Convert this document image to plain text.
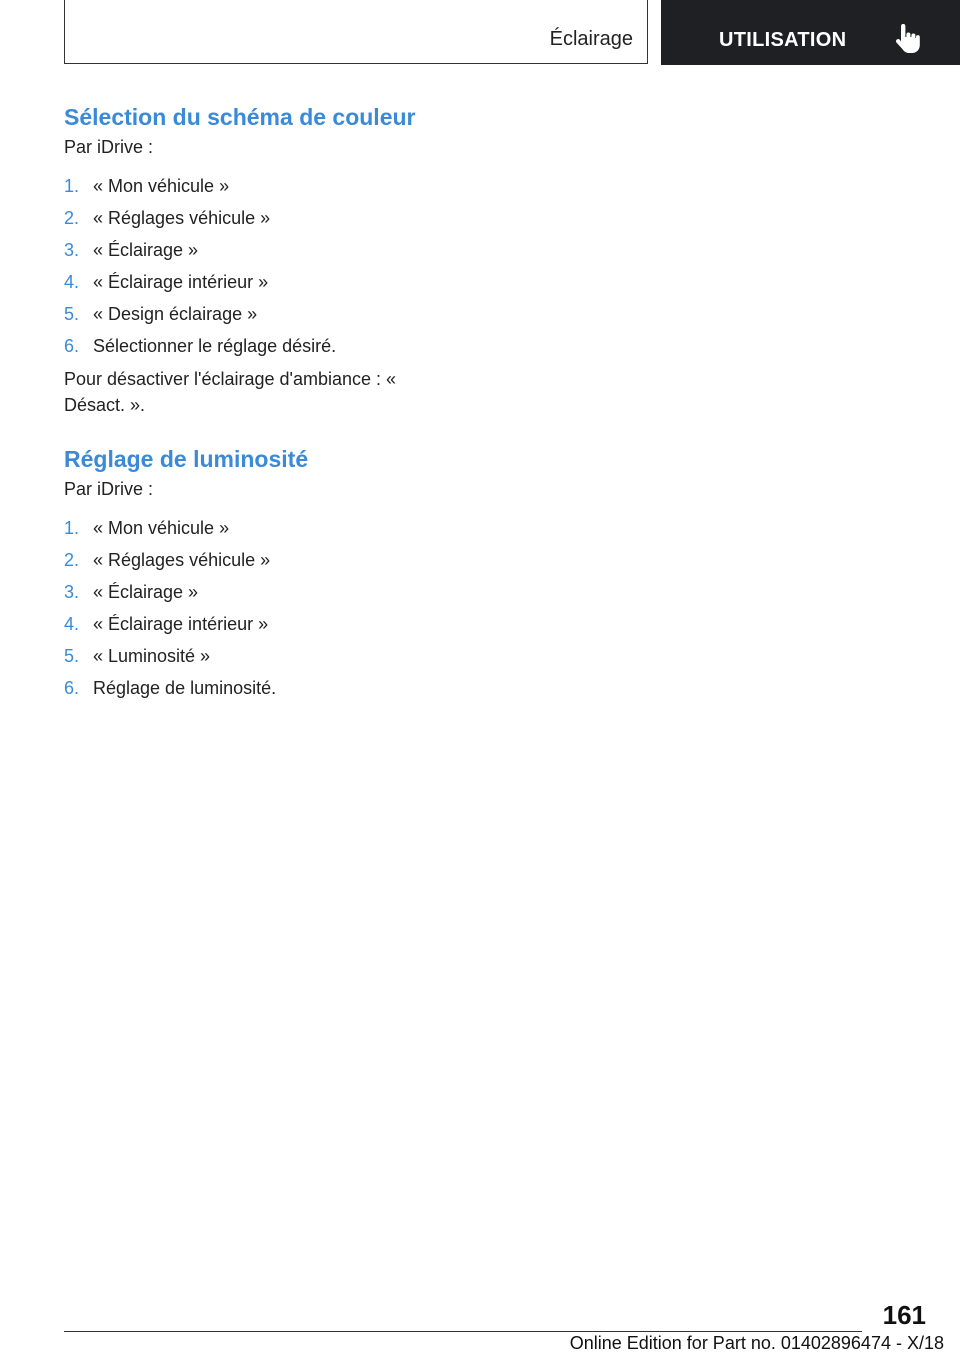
Éclairage	UTILISATION
Sélection du schéma de couleur

Par iDrive :

1. « Mon véhicule »
2. « Réglages véhicule »
3. « Éclairage »
4. « Éclairage intérieur »
5. « Design éclairage »
6. Sélectionner le réglage désiré.

Pour désactiver l'éclairage d'ambiance : « Désact. ».

Réglage de luminosité

Par iDrive :

1. « Mon véhicule »
2. « Réglages véhicule »
3. « Éclairage »
4. « Éclairage intérieur »
5. « Luminosité »
6. Réglage de luminosité.
161
Online Edition for Part no. 01402896474 - X/18
